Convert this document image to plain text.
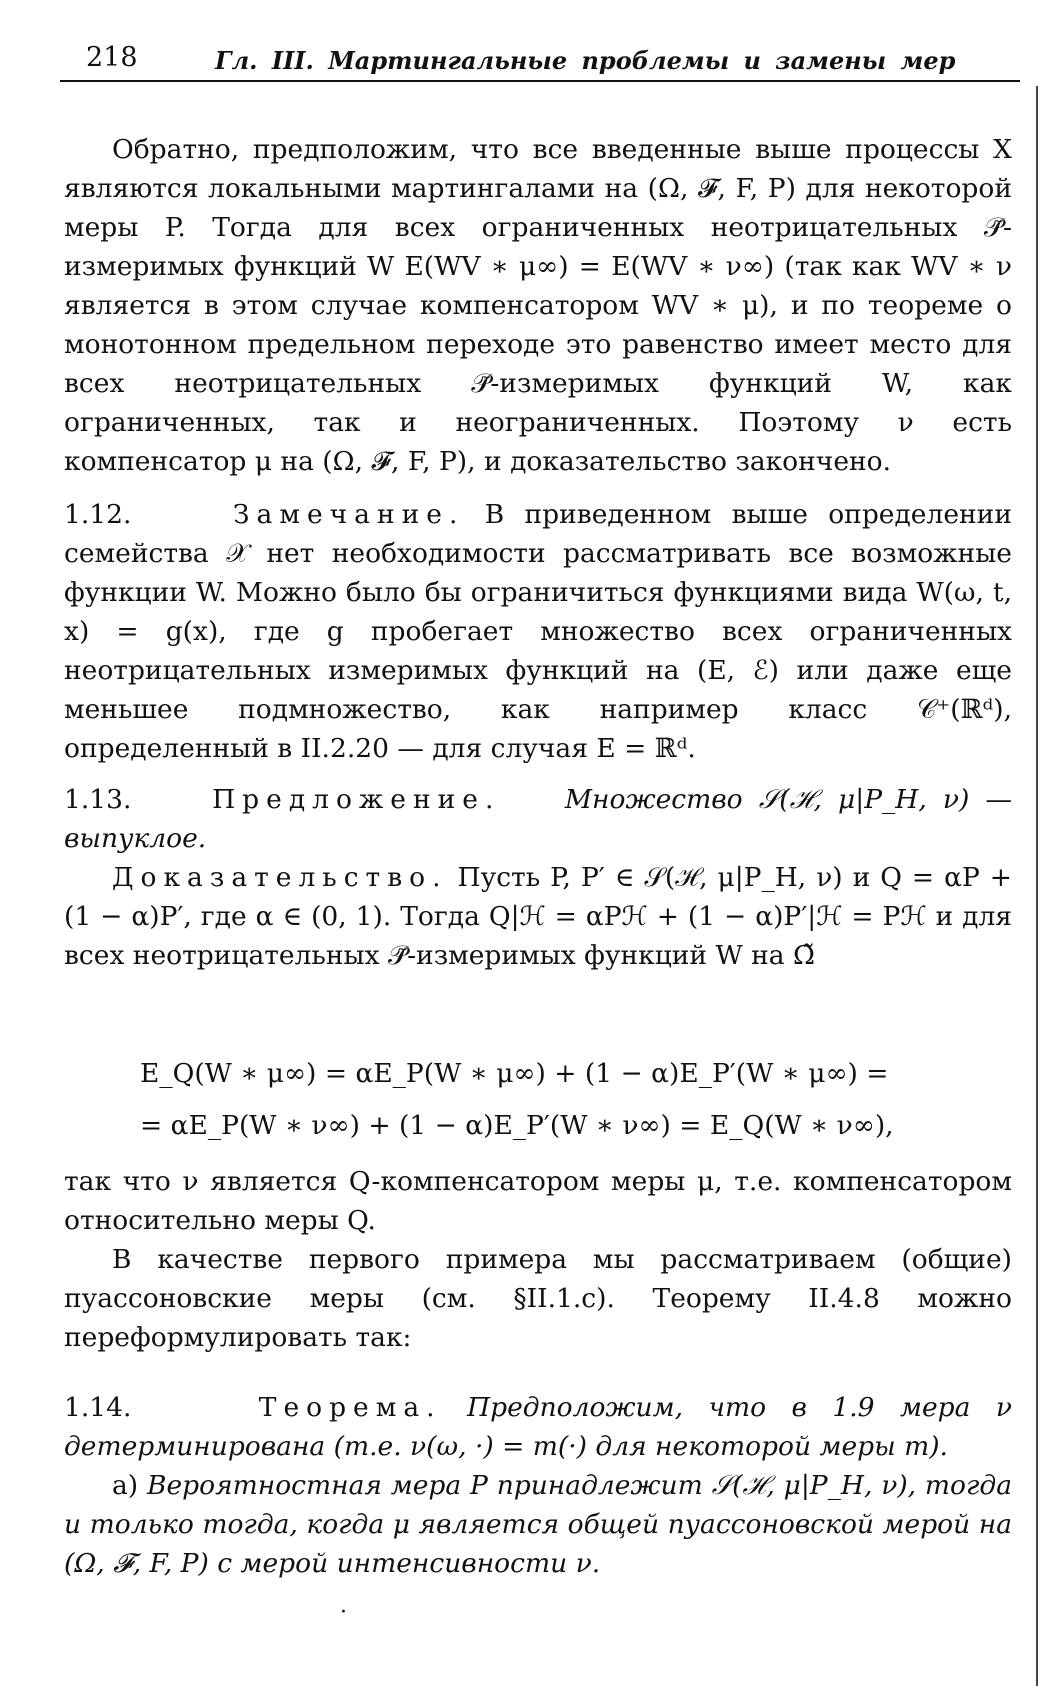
218	Гл. III. Мартингальные проблемы и замены мер

Обратно, предположим, что все введенные выше процессы X являются локальными мартингалами на (Ω, 𝓕, F, P) для некоторой меры P. Тогда для всех ограниченных неотрицательных 𝒫̃-измеримых функций W E(WV ∗ μ∞) = E(WV ∗ ν∞) (так как WV ∗ ν является в этом случае компенсатором WV ∗ μ), и по теореме о монотонном предельном переходе это равенство имеет место для всех неотрицательных 𝒫̃-измеримых функций W, как ограниченных, так и неограниченных. Поэтому ν есть компенсатор μ на (Ω, 𝓕, F, P), и доказательство закончено.

1.12.	Замечание. В приведенном выше определении семейства 𝒳 нет необходимости рассматривать все возможные функции W. Можно было бы ограничиться функциями вида W(ω, t, x) = g(x), где g пробегает множество всех ограниченных неотрицательных измеримых функций на (E, ℰ) или даже еще меньшее подмножество, как например класс 𝒞⁺(ℝᵈ), определенный в II.2.20 — для случая E = ℝᵈ.

1.13.	Предложение. Множество 𝒮(ℋ, μ|P_H, ν) — выпуклое.

Доказательство. Пусть P, P′ ∈ 𝒮(ℋ, μ|P_H, ν) и Q = αP + (1 − α)P′, где α ∈ (0, 1). Тогда Q|ℋ = αPℋ + (1 − α)P′|ℋ = Pℋ и для всех неотрицательных 𝒫̃-измеримых функций W на Ω̃

E_Q(W ∗ μ∞) = αE_P(W ∗ μ∞) + (1 − α)E_P′(W ∗ μ∞) =

= αE_P(W ∗ ν∞) + (1 − α)E_P′(W ∗ ν∞) = E_Q(W ∗ ν∞),

так что ν является Q-компенсатором меры μ, т.е. компенсатором относительно меры Q.

В качестве первого примера мы рассматриваем (общие) пуассоновские меры (см. §II.1.c). Теорему II.4.8 можно переформулировать так:

1.14.	Теорема. Предположим, что в 1.9 мера ν детерминирована (т.е. ν(ω, ·) = m(·) для некоторой меры m).

а) Вероятностная мера P принадлежит 𝒮(ℋ, μ|P_H, ν), тогда и только тогда, когда μ является общей пуассоновской мерой на (Ω, 𝓕, F, P) с мерой интенсивности ν.

·
